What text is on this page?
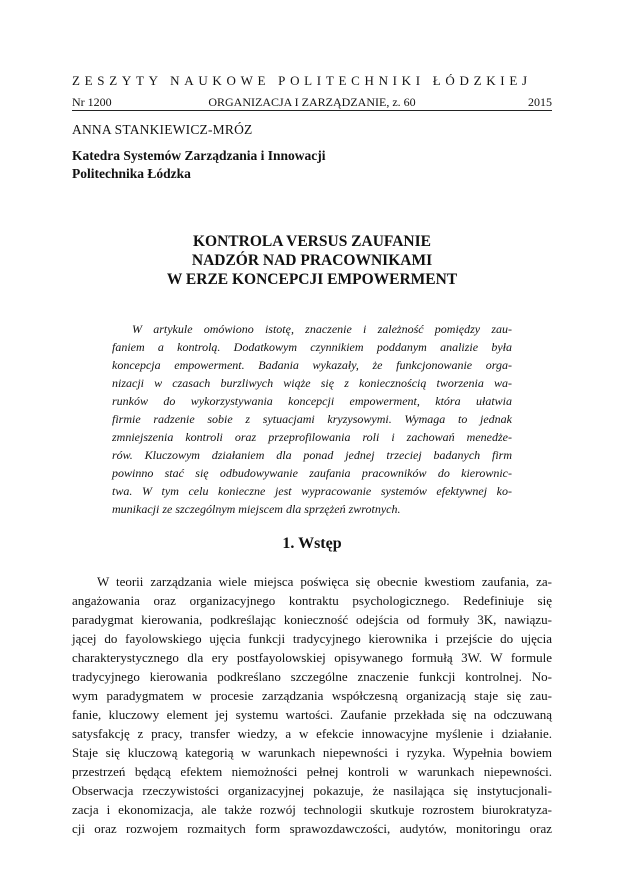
ZESZYTY NAUKOWE POLITECHNIKI ŁÓDZKIEJ
Nr 1200	ORGANIZACJA I ZARZĄDZANIE, z. 60	2015
ANNA STANKIEWICZ-MRÓZ
Katedra Systemów Zarządzania i Innowacji
Politechnika Łódzka
KONTROLA VERSUS ZAUFANIE
NADZÓR NAD PRACOWNIKAMI
W ERZE KONCEPCJI EMPOWERMENT
W artykule omówiono istotę, znaczenie i zależność pomiędzy zau-
faniem a kontrolą. Dodatkowym czynnikiem poddanym analizie była
koncepcja empowerment. Badania wykazały, że funkcjonowanie orga-
nizacji w czasach burzliwych wiąże się z koniecznością tworzenia wa-
runków do wykorzystywania koncepcji empowerment, która ułatwia
firmie radzenie sobie z sytuacjami kryzysowymi. Wymaga to jednak
zmniejszenia kontroli oraz przeprofilowania roli i zachowań menedże-
rów. Kluczowym działaniem dla ponad jednej trzeciej badanych firm
powinno stać się odbudowywanie zaufania pracowników do kierownic-
twa. W tym celu konieczne jest wypracowanie systemów efektywnej ko-
munikacji ze szczególnym miejscem dla sprzężeń zwrotnych.
1. Wstęp
W teorii zarządzania wiele miejsca poświęca się obecnie kwestiom zaufania, za-
angażowania oraz organizacyjnego kontraktu psychologicznego. Redefiniuje się
paradygmat kierowania, podkreślając konieczność odejścia od formuły 3K, nawiązu-
jącej do fayolowskiego ujęcia funkcji tradycyjnego kierownika i przejście do ujęcia
charakterystycznego dla ery postfayolowskiej opisywanego formułą 3W. W formule
tradycyjnego kierowania podkreślano szczególne znaczenie funkcji kontrolnej. No-
wym paradygmatem w procesie zarządzania współczesną organizacją staje się zau-
fanie, kluczowy element jej systemu wartości. Zaufanie przekłada się na odczuwaną
satysfakcję z pracy, transfer wiedzy, a w efekcie innowacyjne myślenie i działanie.
Staje się kluczową kategorią w warunkach niepewności i ryzyka. Wypełnia bowiem
przestrzeń będącą efektem niemożności pełnej kontroli w warunkach niepewności.
Obserwacja rzeczywistości organizacyjnej pokazuje, że nasilająca się instytucjonali-
zacja i ekonomizacja, ale także rozwój technologii skutkuje rozrostem biurokratyza-
cji oraz rozwojem rozmaitych form sprawozdawczości, audytów, monitoringu oraz
